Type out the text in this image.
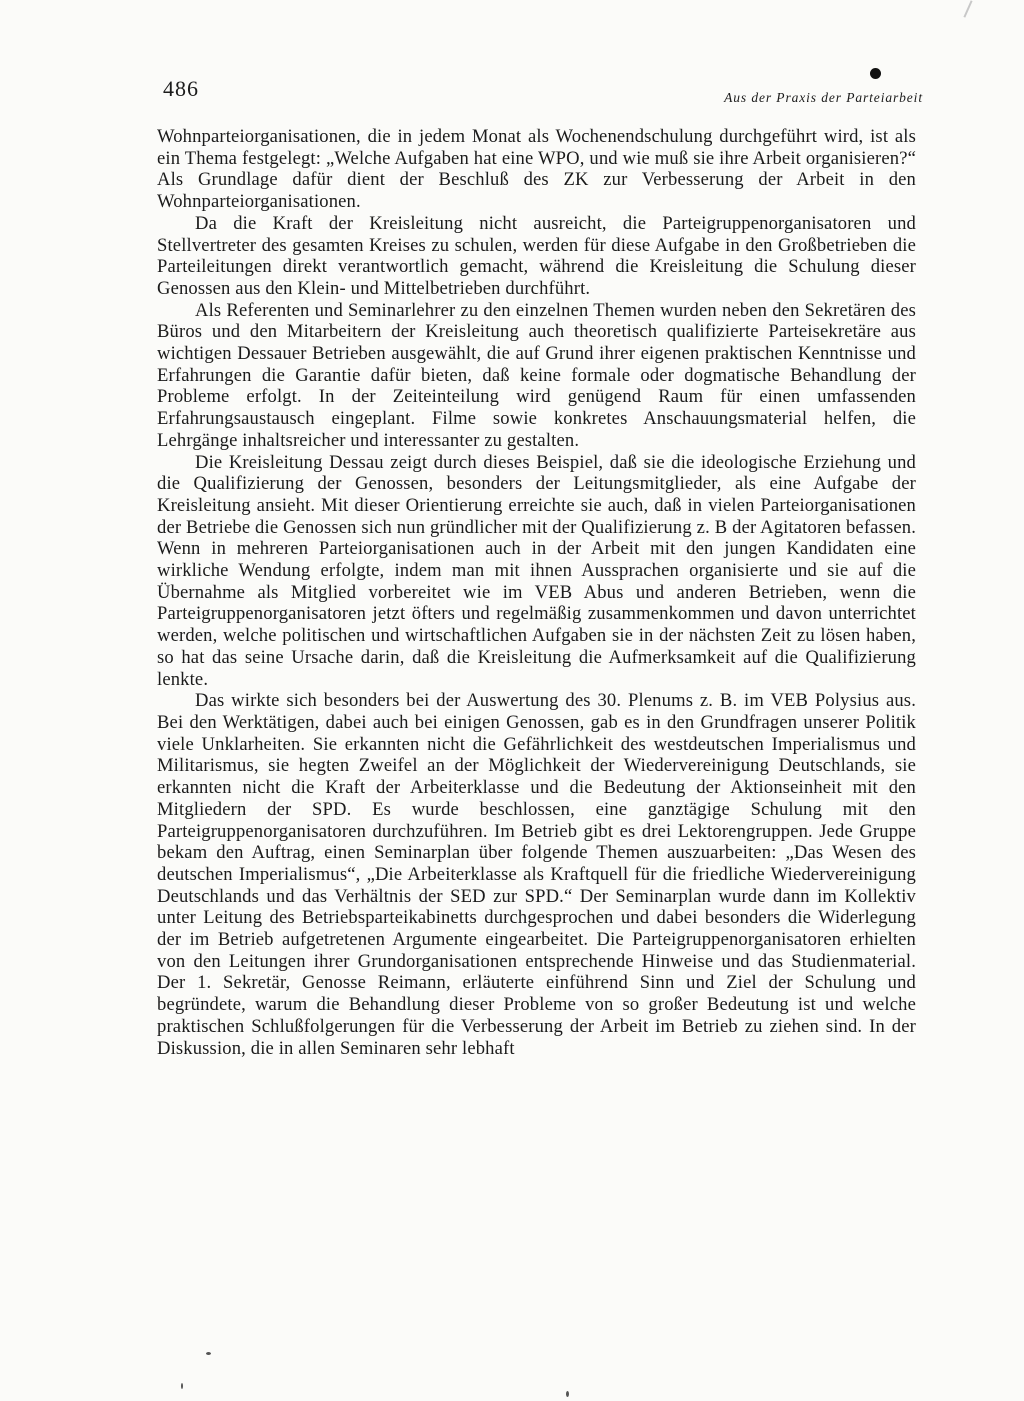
486	Aus der Praxis der Parteiarbeit

Wohnparteiorganisationen, die in jedem Monat als Wochenendschulung durchgeführt wird, ist als ein Thema festgelegt: „Welche Aufgaben hat eine WPO, und wie muß sie ihre Arbeit organisieren?“ Als Grundlage dafür dient der Beschluß des ZK zur Verbesserung der Arbeit in den Wohnparteiorganisationen.

Da die Kraft der Kreisleitung nicht ausreicht, die Parteigruppenorganisatoren und Stellvertreter des gesamten Kreises zu schulen, werden für diese Aufgabe in den Großbetrieben die Parteileitungen direkt verantwortlich gemacht, während die Kreisleitung die Schulung dieser Genossen aus den Klein- und Mittelbetrieben durchführt.

Als Referenten und Seminarlehrer zu den einzelnen Themen wurden neben den Sekretären des Büros und den Mitarbeitern der Kreisleitung auch theoretisch qualifizierte Parteisekretäre aus wichtigen Dessauer Betrieben ausgewählt, die auf Grund ihrer eigenen praktischen Kenntnisse und Erfahrungen die Garantie dafür bieten, daß keine formale oder dogmatische Behandlung der Probleme erfolgt. In der Zeiteinteilung wird genügend Raum für einen umfassenden Erfahrungsaustausch eingeplant. Filme sowie konkretes Anschauungsmaterial helfen, die Lehrgänge inhaltsreicher und interessanter zu gestalten.

Die Kreisleitung Dessau zeigt durch dieses Beispiel, daß sie die ideologische Erziehung und die Qualifizierung der Genossen, besonders der Leitungsmitglieder, als eine Aufgabe der Kreisleitung ansieht. Mit dieser Orientierung erreichte sie auch, daß in vielen Parteiorganisationen der Betriebe die Genossen sich nun gründlicher mit der Qualifizierung z. B der Agitatoren befassen. Wenn in mehreren Parteiorganisationen auch in der Arbeit mit den jungen Kandidaten eine wirkliche Wendung erfolgte, indem man mit ihnen Aussprachen organisierte und sie auf die Übernahme als Mitglied vorbereitet wie im VEB Abus und anderen Betrieben, wenn die Parteigruppenorganisatoren jetzt öfters und regelmäßig zusammenkommen und davon unterrichtet werden, welche politischen und wirtschaftlichen Aufgaben sie in der nächsten Zeit zu lösen haben, so hat das seine Ursache darin, daß die Kreisleitung die Aufmerksamkeit auf die Qualifizierung lenkte.

Das wirkte sich besonders bei der Auswertung des 30. Plenums z. B. im VEB Polysius aus. Bei den Werktätigen, dabei auch bei einigen Genossen, gab es in den Grundfragen unserer Politik viele Unklarheiten. Sie erkannten nicht die Gefährlichkeit des westdeutschen Imperialismus und Militarismus, sie hegten Zweifel an der Möglichkeit der Wiedervereinigung Deutschlands, sie erkannten nicht die Kraft der Arbeiterklasse und die Bedeutung der Aktionseinheit mit den Mitgliedern der SPD. Es wurde beschlossen, eine ganztägige Schulung mit den Parteigruppenorganisatoren durchzuführen. Im Betrieb gibt es drei Lektorengruppen. Jede Gruppe bekam den Auftrag, einen Seminarplan über folgende Themen auszuarbeiten: „Das Wesen des deutschen Imperialismus“, „Die Arbeiterklasse als Kraftquell für die friedliche Wiedervereinigung Deutschlands und das Verhältnis der SED zur SPD.“ Der Seminarplan wurde dann im Kollektiv unter Leitung des Betriebsparteikabinetts durchgesprochen und dabei besonders die Widerlegung der im Betrieb aufgetretenen Argumente eingearbeitet. Die Parteigruppenorganisatoren erhielten von den Leitungen ihrer Grundorganisationen entsprechende Hinweise und das Studienmaterial. Der 1. Sekretär, Genosse Reimann, erläuterte einführend Sinn und Ziel der Schulung und begründete, warum die Behandlung dieser Probleme von so großer Bedeutung ist und welche praktischen Schlußfolgerungen für die Verbesserung der Arbeit im Betrieb zu ziehen sind. In der Diskussion, die in allen Seminaren sehr lebhaft
